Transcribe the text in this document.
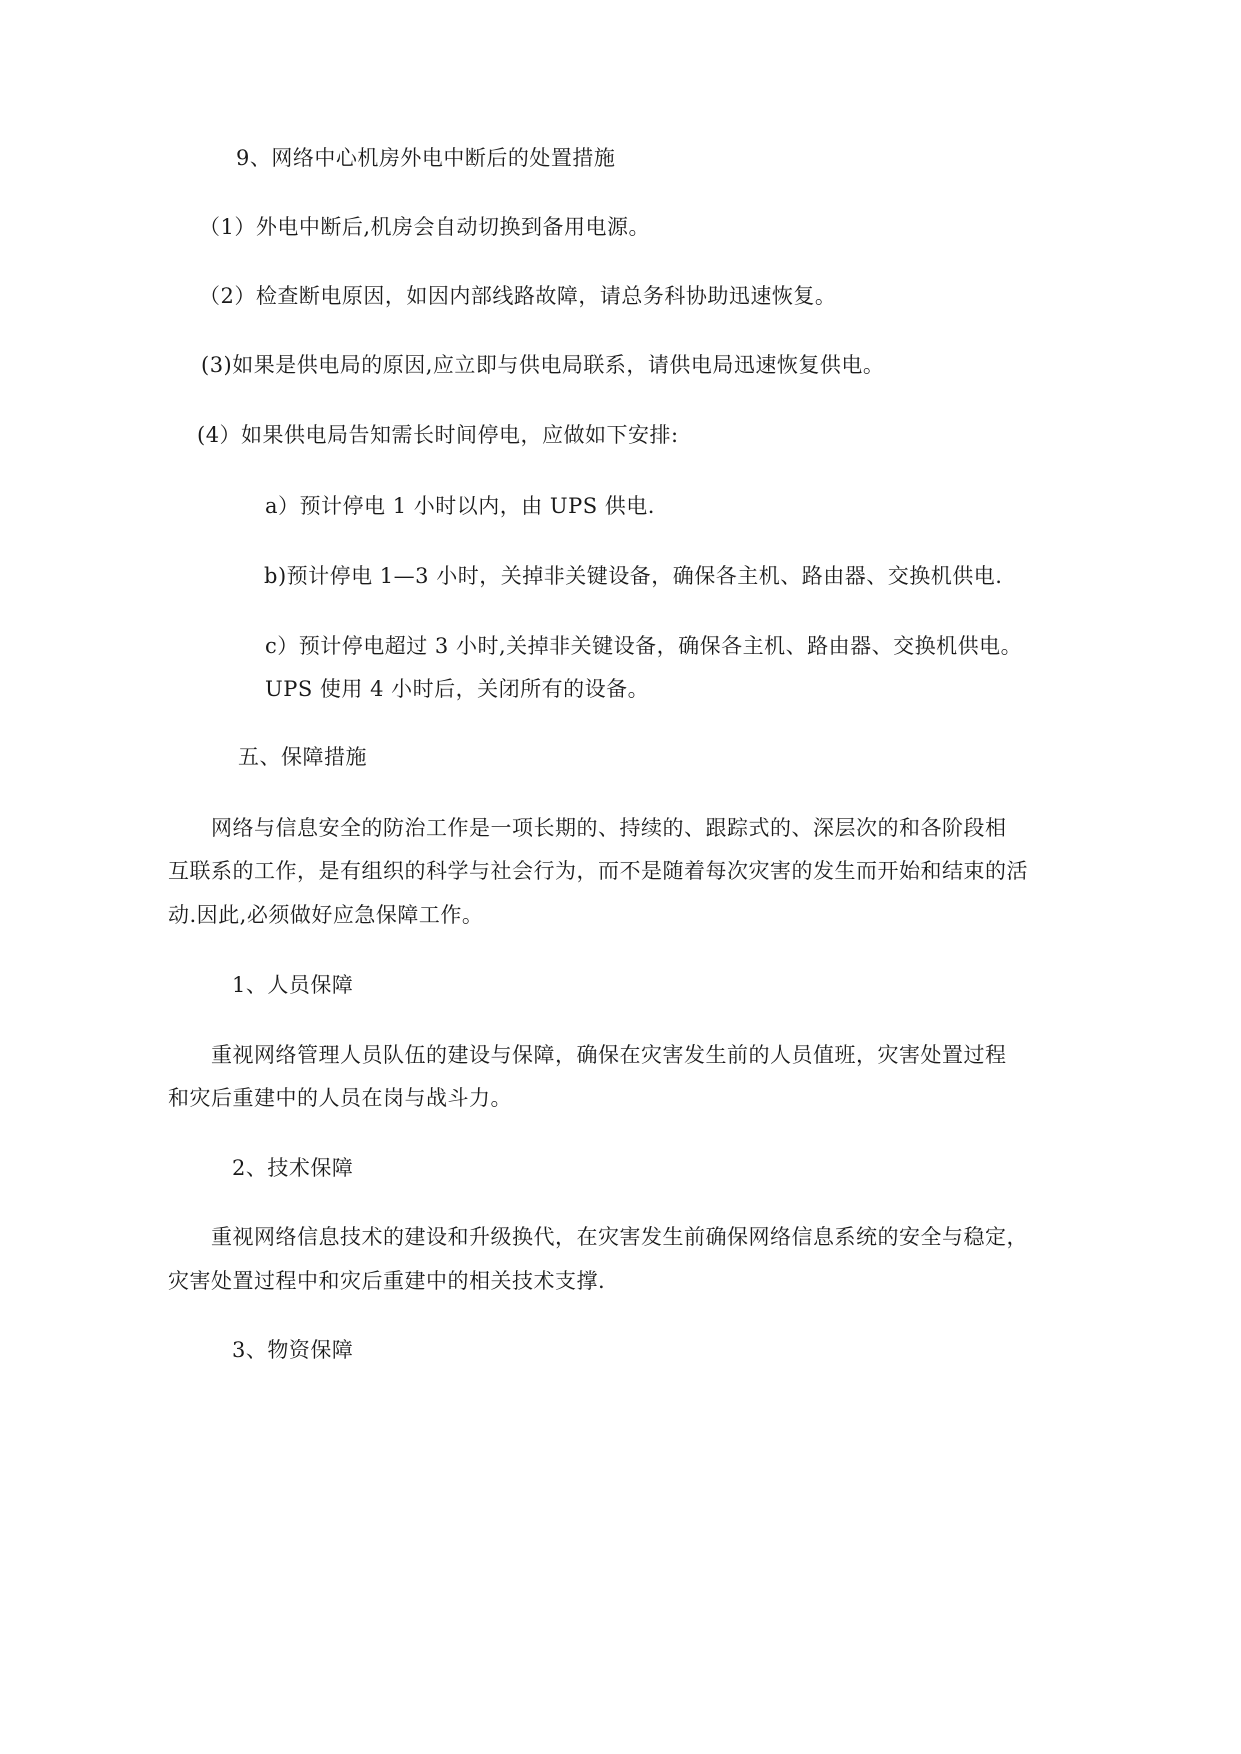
9、网络中心机房外电中断后的处置措施
（1）外电中断后,机房会自动切换到备用电源。
（2）检查断电原因，如因内部线路故障，请总务科协助迅速恢复。
(3)如果是供电局的原因,应立即与供电局联系，请供电局迅速恢复供电。
(4）如果供电局告知需长时间停电，应做如下安排:
a）预计停电 1 小时以内，由 UPS 供电.
b)预计停电 1—3 小时，关掉非关键设备，确保各主机、路由器、交换机供电.
c）预计停电超过 3 小时,关掉非关键设备，确保各主机、路由器、交换机供电。
UPS 使用 4 小时后，关闭所有的设备。
五、保障措施
网络与信息安全的防治工作是一项长期的、持续的、跟踪式的、深层次的和各阶段相
互联系的工作，是有组织的科学与社会行为，而不是随着每次灾害的发生而开始和结束的活
动.因此,必须做好应急保障工作。
1、人员保障
重视网络管理人员队伍的建设与保障，确保在灾害发生前的人员值班，灾害处置过程
和灾后重建中的人员在岗与战斗力。
2、技术保障
重视网络信息技术的建设和升级换代，在灾害发生前确保网络信息系统的安全与稳定，
灾害处置过程中和灾后重建中的相关技术支撑.
3、物资保障
